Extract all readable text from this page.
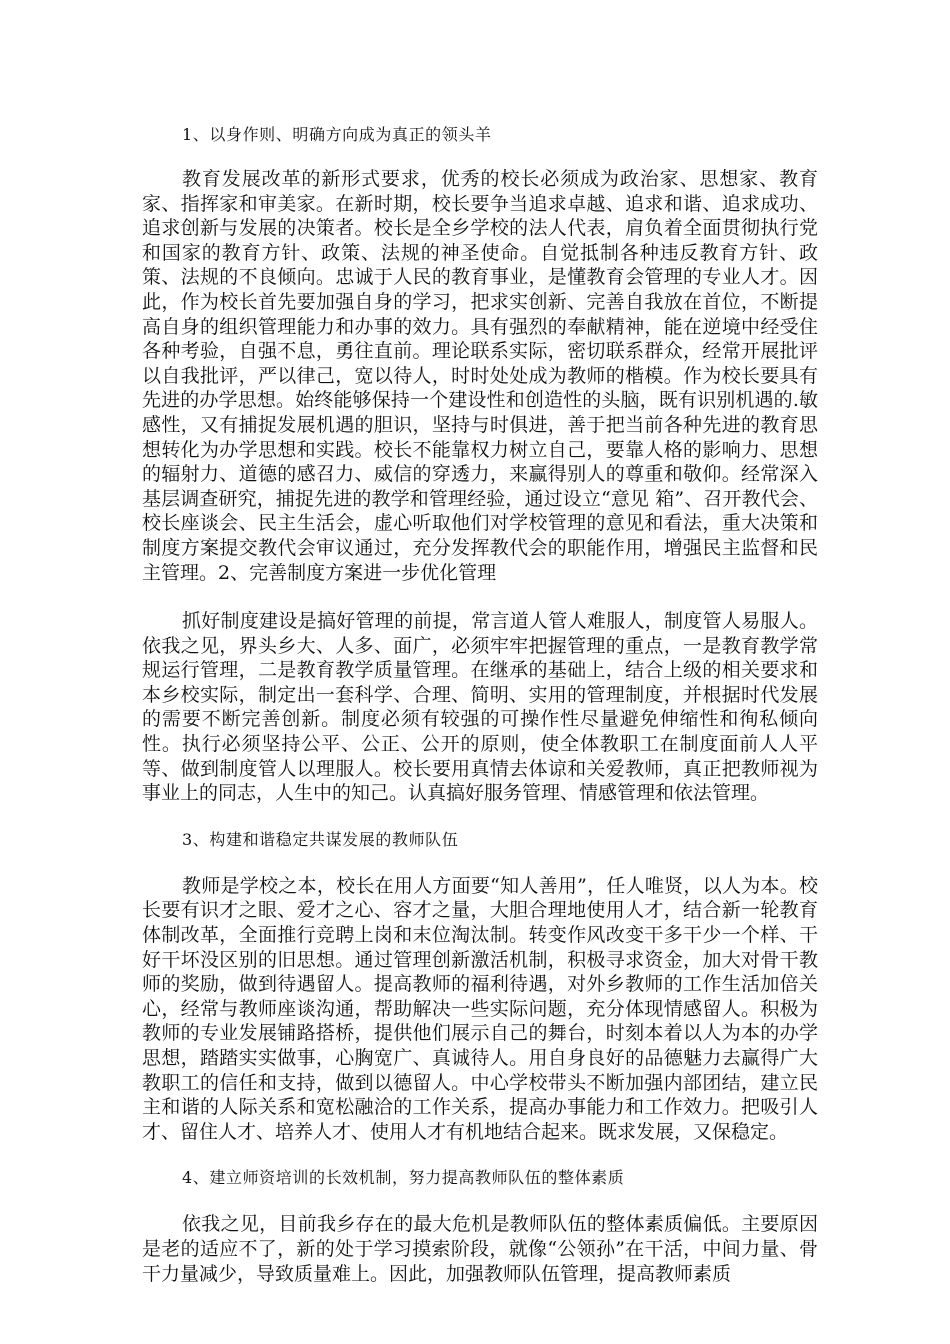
1、以身作则、明确方向成为真正的领头羊

教育发展改革的新形式要求，优秀的校长必须成为政治家、思想家、教育家、指挥家和审美家。在新时期，校长要争当追求卓越、追求和谐、追求成功、追求创新与发展的决策者。校长是全乡学校的法人代表，肩负着全面贯彻执行党和国家的教育方针、政策、法规的神圣使命。自觉抵制各种违反教育方针、政策、法规的不良倾向。忠诚于人民的教育事业，是懂教育会管理的专业人才。因此，作为校长首先要加强自身的学习，把求实创新、完善自我放在首位，不断提高自身的组织管理能力和办事的效力。具有强烈的奉献精神，能在逆境中经受住各种考验，自强不息，勇往直前。理论联系实际，密切联系群众，经常开展批评以自我批评，严以律己，宽以待人，时时处处成为教师的楷模。作为校长要具有先进的办学思想。始终能够保持一个建设性和创造性的头脑，既有识别机遇的.敏感性，又有捕捉发展机遇的胆识，坚持与时俱进，善于把当前各种先进的教育思想转化为办学思想和实践。校长不能靠权力树立自己，要靠人格的影响力、思想的辐射力、道德的感召力、威信的穿透力，来赢得别人的尊重和敬仰。经常深入基层调查研究，捕捉先进的教学和管理经验，通过设立“意见 箱”、召开教代会、校长座谈会、民主生活会，虚心听取他们对学校管理的意见和看法，重大决策和制度方案提交教代会审议通过，充分发挥教代会的职能作用，增强民主监督和民主管理。2、完善制度方案进一步优化管理

抓好制度建设是搞好管理的前提，常言道人管人难服人，制度管人易服人。依我之见，界头乡大、人多、面广，必须牢牢把握管理的重点，一是教育教学常规运行管理，二是教育教学质量管理。在继承的基础上，结合上级的相关要求和本乡校实际，制定出一套科学、合理、简明、实用的管理制度，并根据时代发展的需要不断完善创新。制度必须有较强的可操作性尽量避免伸缩性和徇私倾向性。执行必须坚持公平、公正、公开的原则，使全体教职工在制度面前人人平等、做到制度管人以理服人。校长要用真情去体谅和关爱教师，真正把教师视为事业上的同志，人生中的知己。认真搞好服务管理、情感管理和依法管理。

3、构建和谐稳定共谋发展的教师队伍

教师是学校之本，校长在用人方面要“知人善用”，任人唯贤，以人为本。校长要有识才之眼、爱才之心、容才之量，大胆合理地使用人才，结合新一轮教育体制改革，全面推行竞聘上岗和末位淘汰制。转变作风改变干多干少一个样、干好干坏没区别的旧思想。通过管理创新激活机制，积极寻求资金，加大对骨干教师的奖励，做到待遇留人。提高教师的福利待遇，对外乡教师的工作生活加倍关心，经常与教师座谈沟通，帮助解决一些实际问题，充分体现情感留人。积极为教师的专业发展铺路搭桥，提供他们展示自己的舞台，时刻本着以人为本的办学思想，踏踏实实做事，心胸宽广、真诚待人。用自身良好的品德魅力去赢得广大教职工的信任和支持，做到以德留人。中心学校带头不断加强内部团结，建立民主和谐的人际关系和宽松融洽的工作关系，提高办事能力和工作效力。把吸引人才、留住人才、培养人才、使用人才有机地结合起来。既求发展，又保稳定。

4、建立师资培训的长效机制，努力提高教师队伍的整体素质

依我之见，目前我乡存在的最大危机是教师队伍的整体素质偏低。主要原因是老的适应不了，新的处于学习摸索阶段，就像“公领孙”在干活，中间力量、骨干力量减少，导致质量难上。因此，加强教师队伍管理，提高教师素质
